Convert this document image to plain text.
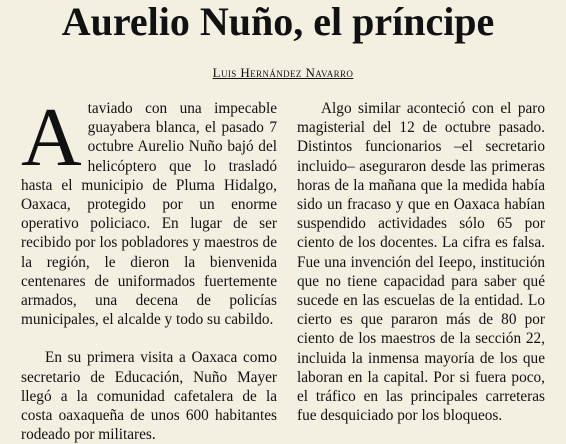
Aurelio Nuño, el príncipe
Luis Hernández Navarro

Ataviado con una impecable guayabera blanca, el pasado 7 octubre Aurelio Nuño bajó del helicóptero que lo trasladó hasta el municipio de Pluma Hidalgo, Oaxaca, protegido por un enorme operativo policiaco. En lugar de ser recibido por los pobladores y maestros de la región, le dieron la bienvenida centenares de uniformados fuertemente armados, una decena de policías municipales, el alcalde y todo su cabildo.

En su primera visita a Oaxaca como secretario de Educación, Nuño Mayer llegó a la comunidad cafetalera de la costa oaxaqueña de unos 600 habitantes rodeado por militares.

Algo similar aconteció con el paro magisterial del 12 de octubre pasado. Distintos funcionarios –el secretario incluido– aseguraron desde las primeras horas de la mañana que la medida había sido un fracaso y que en Oaxaca habían suspendido actividades sólo 65 por ciento de los docentes. La cifra es falsa. Fue una invención del Ieepo, institución que no tiene capacidad para saber qué sucede en las escuelas de la entidad. Lo cierto es que pararon más de 80 por ciento de los maestros de la sección 22, incluida la inmensa mayoría de los que laboran en la capital. Por si fuera poco, el tráfico en las principales carreteras fue desquiciado por los bloqueos.
